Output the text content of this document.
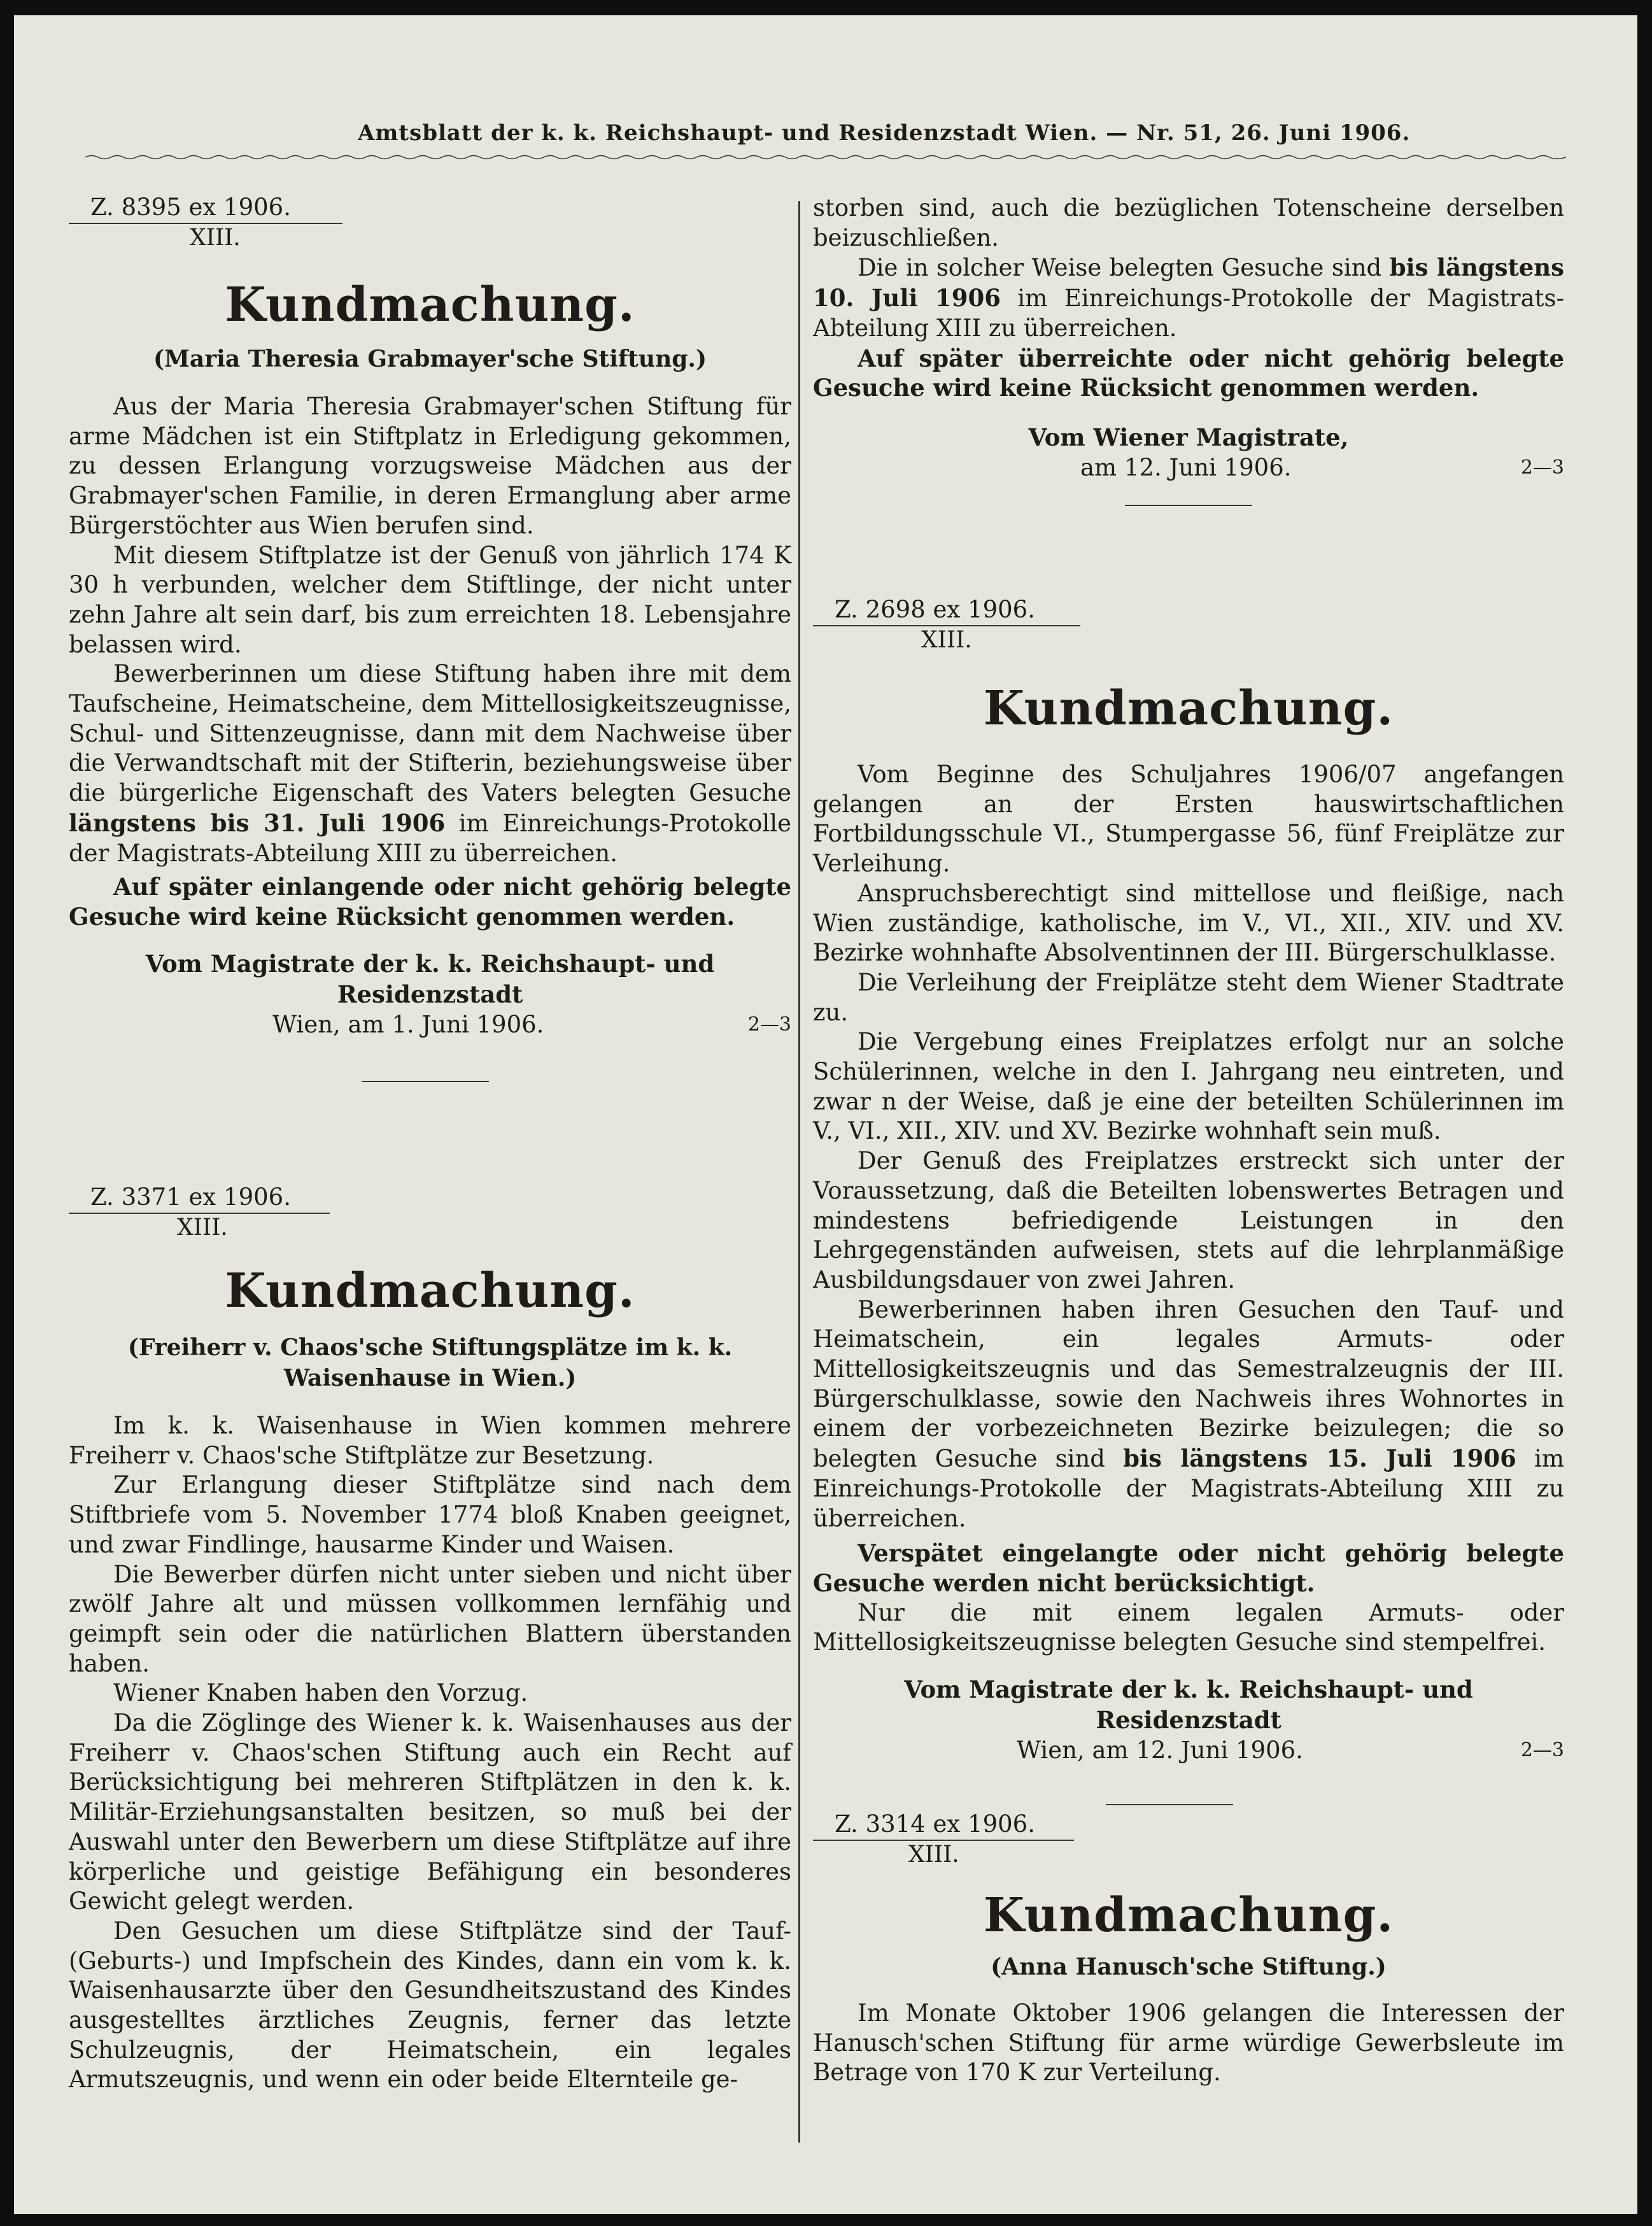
Amtsblatt der k. k. Reichshaupt- und Residenzstadt Wien. — Nr. 51, 26. Juni 1906.
Z. 8395 ex 1906.
XIII.
Kundmachung.
(Maria Theresia Grabmayer'sche Stiftung.)

Aus der Maria Theresia Grabmayer'schen Stiftung für arme Mädchen ist ein Stiftplatz in Erledigung gekommen, zu dessen Erlangung vorzugsweise Mädchen aus der Grabmayer'schen Familie, in deren Ermanglung aber arme Bürgerstöchter aus Wien berufen sind.

Mit diesem Stiftplatze ist der Genuß von jährlich 174 K 30 h verbunden, welcher dem Stiftlinge, der nicht unter zehn Jahre alt sein darf, bis zum erreichten 18. Lebensjahre belassen wird.

Bewerberinnen um diese Stiftung haben ihre mit dem Taufscheine, Heimatscheine, dem Mittellosigkeitszeugnisse, Schul- und Sittenzeugnisse, dann mit dem Nachweise über die Verwandtschaft mit der Stifterin, beziehungsweise über die bürgerliche Eigenschaft des Vaters belegten Gesuche längstens bis 31. Juli 1906 im Einreichungs-Protokolle der Magistrats-Abteilung XIII zu überreichen.

Auf später einlangende oder nicht gehörig belegte Gesuche wird keine Rücksicht genommen werden.

Vom Magistrate der k. k. Reichshaupt- und Residenzstadt
Wien, am 1. Juni 1906.	2—3
Z. 3371 ex 1906.
XIII.
Kundmachung.
(Freiherr v. Chaos'sche Stiftungsplätze im k. k. Waisenhause in Wien.)

Im k. k. Waisenhause in Wien kommen mehrere Freiherr v. Chaos'sche Stiftplätze zur Besetzung.

Zur Erlangung dieser Stiftplätze sind nach dem Stiftbriefe vom 5. November 1774 bloß Knaben geeignet, und zwar Findlinge, hausarme Kinder und Waisen.

Die Bewerber dürfen nicht unter sieben und nicht über zwölf Jahre alt und müssen vollkommen lernfähig und geimpft sein oder die natürlichen Blattern überstanden haben.

Wiener Knaben haben den Vorzug.

Da die Zöglinge des Wiener k. k. Waisenhauses aus der Freiherr v. Chaos'schen Stiftung auch ein Recht auf Berücksichtigung bei mehreren Stiftplätzen in den k. k. Militär-Erziehungsanstalten besitzen, so muß bei der Auswahl unter den Bewerbern um diese Stiftplätze auf ihre körperliche und geistige Befähigung ein besonderes Gewicht gelegt werden.

Den Gesuchen um diese Stiftplätze sind der Tauf- (Geburts-) und Impfschein des Kindes, dann ein vom k. k. Waisenhausarzte über den Gesundheitszustand des Kindes ausgestelltes ärztliches Zeugnis, ferner das letzte Schulzeugnis, der Heimatschein, ein legales Armutszeugnis, und wenn ein oder beide Elternteile ge-

storben sind, auch die bezüglichen Totenscheine derselben beizuschließen.

Die in solcher Weise belegten Gesuche sind bis längstens 10. Juli 1906 im Einreichungs-Protokolle der Magistrats-Abteilung XIII zu überreichen.

Auf später überreichte oder nicht gehörig belegte Gesuche wird keine Rücksicht genommen werden.

Vom Wiener Magistrate,
am 12. Juni 1906.	2—3
Z. 2698 ex 1906.
XIII.
Kundmachung.

Vom Beginne des Schuljahres 1906/07 angefangen gelangen an der Ersten hauswirtschaftlichen Fortbildungsschule VI., Stumpergasse 56, fünf Freiplätze zur Verleihung.

Anspruchsberechtigt sind mittellose und fleißige, nach Wien zuständige, katholische, im V., VI., XII., XIV. und XV. Bezirke wohnhafte Absolventinnen der III. Bürgerschulklasse.

Die Verleihung der Freiplätze steht dem Wiener Stadtrate zu.

Die Vergebung eines Freiplatzes erfolgt nur an solche Schülerinnen, welche in den I. Jahrgang neu eintreten, und zwar n der Weise, daß je eine der beteilten Schülerinnen im V., VI., XII., XIV. und XV. Bezirke wohnhaft sein muß.

Der Genuß des Freiplatzes erstreckt sich unter der Voraussetzung, daß die Beteilten lobenswertes Betragen und mindestens befriedigende Leistungen in den Lehrgegenständen aufweisen, stets auf die lehrplanmäßige Ausbildungsdauer von zwei Jahren.

Bewerberinnen haben ihren Gesuchen den Tauf- und Heimatschein, ein legales Armuts- oder Mittellosigkeitszeugnis und das Semestralzeugnis der III. Bürgerschulklasse, sowie den Nachweis ihres Wohnortes in einem der vorbezeichneten Bezirke beizulegen; die so belegten Gesuche sind bis längstens 15. Juli 1906 im Einreichungs-Protokolle der Magistrats-Abteilung XIII zu überreichen.

Verspätet eingelangte oder nicht gehörig belegte Gesuche werden nicht berücksichtigt.

Nur die mit einem legalen Armuts- oder Mittellosigkeitszeugnisse belegten Gesuche sind stempelfrei.

Vom Magistrate der k. k. Reichshaupt- und Residenzstadt
Wien, am 12. Juni 1906.	2—3
Z. 3314 ex 1906.
XIII.
Kundmachung.
(Anna Hanusch'sche Stiftung.)

Im Monate Oktober 1906 gelangen die Interessen der Hanusch'schen Stiftung für arme würdige Gewerbsleute im Betrage von 170 K zur Verteilung.
